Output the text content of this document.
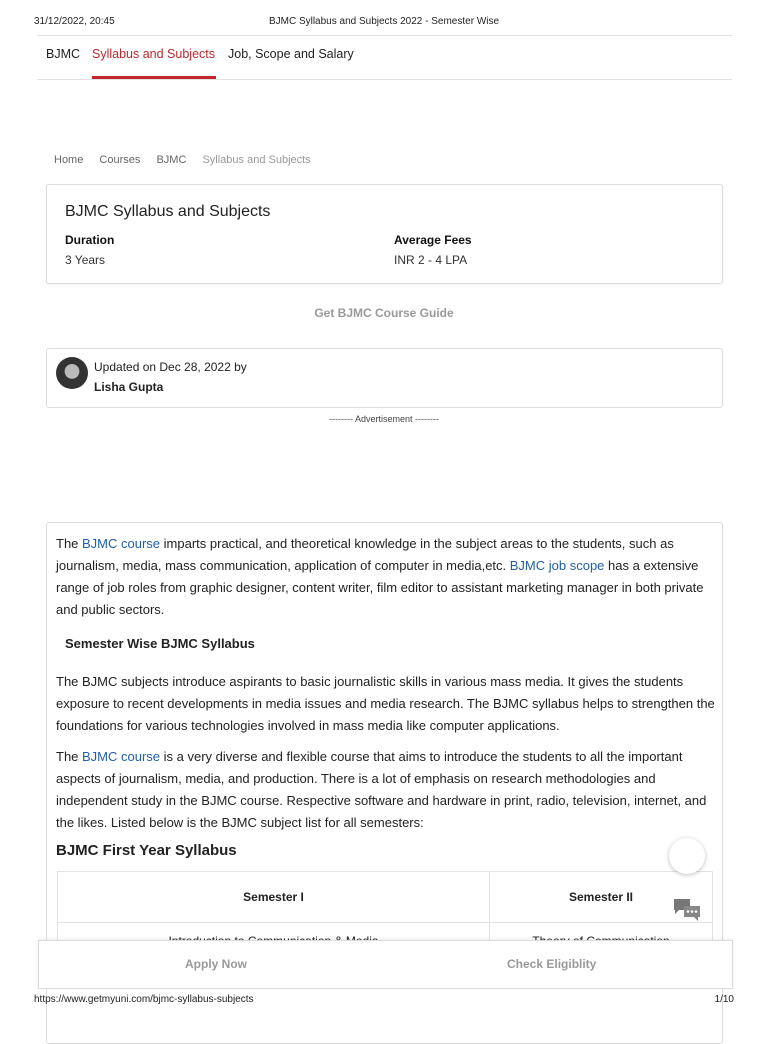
31/12/2022, 20:45	BJMC Syllabus and Subjects 2022 - Semester Wise
BJMC Syllabus and Subjects Job, Scope and Salary
Home Courses BJMC Syllabus and Subjects
BJMC Syllabus and Subjects
Duration
3 Years
Average Fees
INR 2 - 4 LPA
Get BJMC Course Guide
Updated on Dec 28, 2022 by
Lisha Gupta
-------- Advertisement --------

The BJMC course imparts practical, and theoretical knowledge in the subject areas to the students, such as journalism, media, mass communication, application of computer in media,etc. BJMC job scope has a extensive range of job roles from graphic designer, content writer, film editor to assistant marketing manager in both private and public sectors.

Semester Wise BJMC Syllabus

The BJMC subjects introduce aspirants to basic journalistic skills in various mass media. It gives the students exposure to recent developments in media issues and media research. The BJMC syllabus helps to strengthen the foundations for various technologies involved in mass media like computer applications.

The BJMC course is a very diverse and flexible course that aims to introduce the students to all the important aspects of journalism, media, and production. There is a lot of emphasis on research methodologies and independent study in the BJMC course. Respective software and hardware in print, radio, television, internet, and the likes. Listed below is the BJMC subject list for all semesters:

BJMC First Year Syllabus
Semester I	Semester II

Apply Now	Check Eligiblity
https://www.getmyuni.com/bjmc-syllabus-subjects	1/10
